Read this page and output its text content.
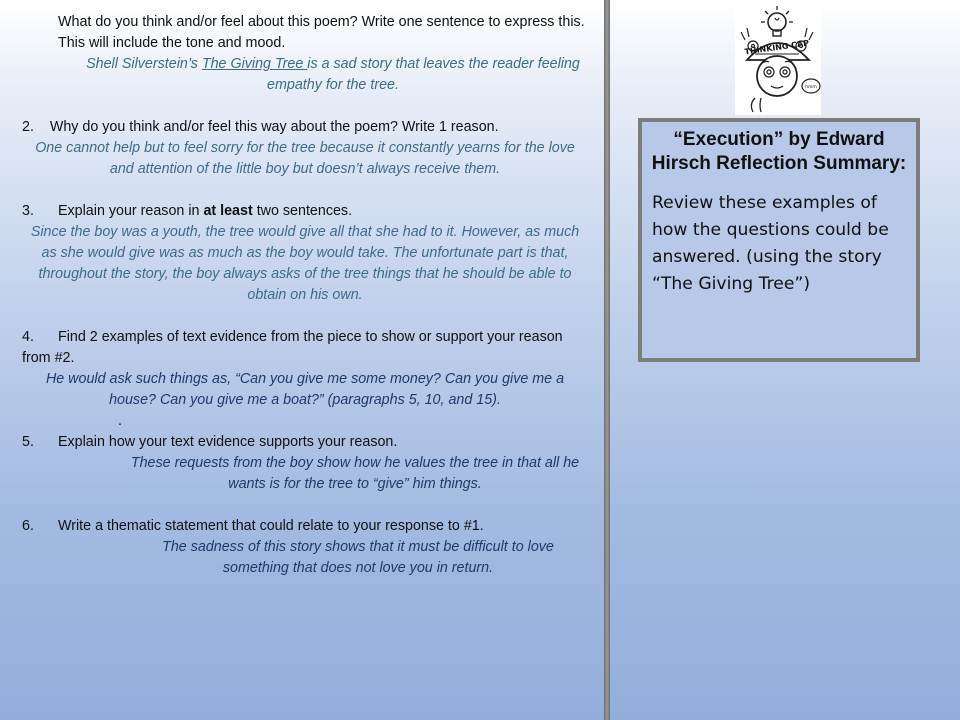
What do you think and/or feel about this poem? Write one sentence to express this. This will include the tone and mood.
Shell Silverstein’s The Giving Tree is a sad story that leaves the reader feeling empathy for the tree.
2. Why do you think and/or feel this way about the poem? Write 1 reason.
One cannot help but to feel sorry for the tree because it constantly yearns for the love and attention of the little boy but doesn’t always receive them.
3. Explain your reason in at least two sentences.
Since the boy was a youth, the tree would give all that she had to it. However, as much as she would give was as much as the boy would take. The unfortunate part is that, throughout the story, the boy always asks of the tree things that he should be able to obtain on his own.
4. Find 2 examples of text evidence from the piece to show or support your reason from #2.
He would ask such things as, “Can you give me some money? Can you give me a house? Can you give me a boat?” (paragraphs 5, 10, and 15).
.
5. Explain how your text evidence supports your reason.
These requests from the boy show how he values the tree in that all he wants is for the tree to “give” him things.
6. Write a thematic statement that could relate to your response to #1.
The sadness of this story shows that it must be difficult to love something that does not love you in return.
THINKING CAP
hmm
“Execution” by Edward Hirsch Reflection Summary:
Review these examples of how the questions could be answered. (using the story “The Giving Tree”)
